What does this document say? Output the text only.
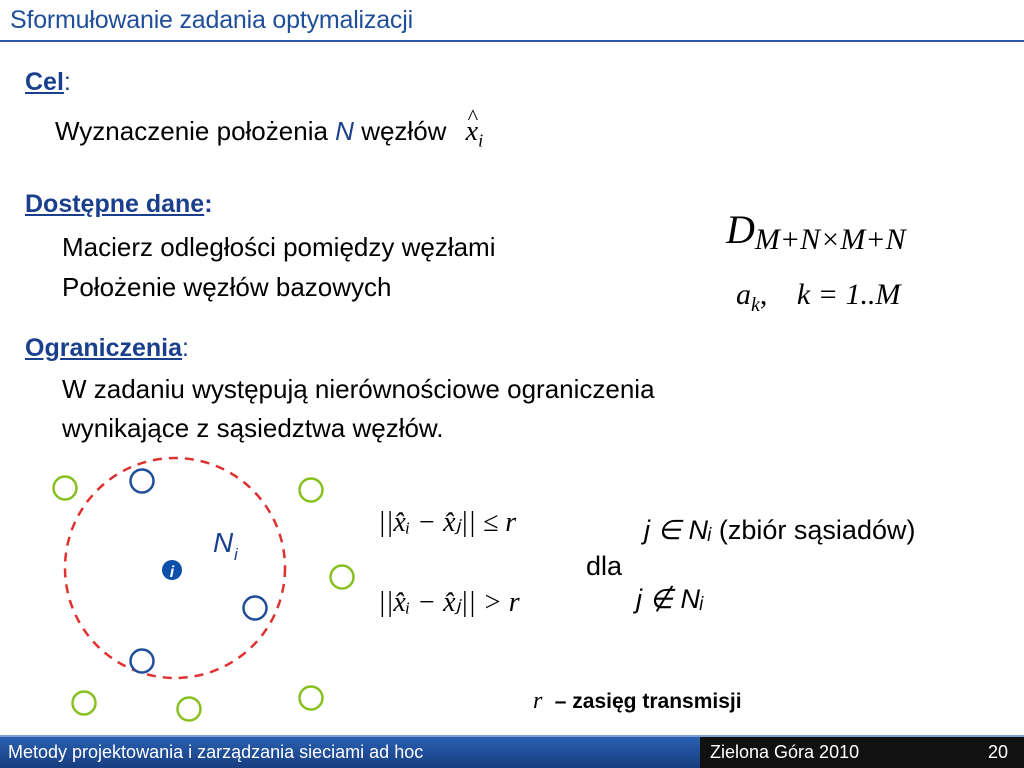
Sformułowanie zadania optymalizacji
Cel:
Wyznaczenie położenia N węzłów ^ $x_i$
Dostępne dane:
Macierz odległości pomiędzy węzłami
Położenie węzłów bazowych
DM+N×M+N
$a_k$, k = 1..M
Ograniczenia:
W zadaniu występują nierównościowe ograniczenia
wynikające z sąsiedztwa węzłów.
i
N i
||x̂ᵢ − x̂ⱼ|| ≤ r
||x̂ᵢ − x̂ⱼ|| > r
dla
j ∈ Nᵢ (zbiór sąsiadów)
j ∉ Nᵢ
r – zasięg transmisji
Metody projektowania i zarządzania sieciami ad hoc	Zielona Góra 2010	20
